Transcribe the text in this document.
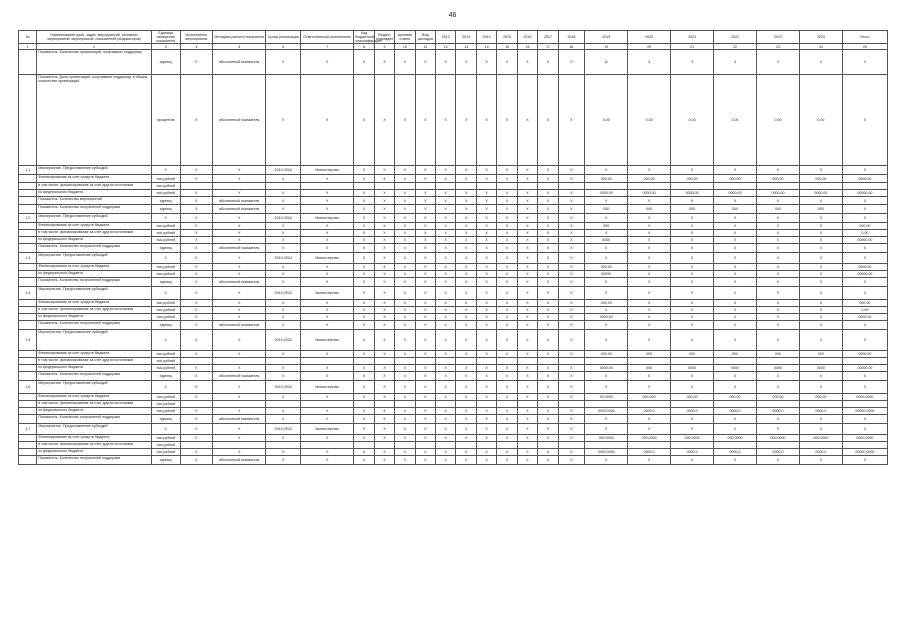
46
№	Наименование цели, задач, мероприятий, основных мероприятий, мероприятий, показателей (индикаторов)	Единица измерения показателя	Исполнитель мероприятия	Методика расчета показателя	Сроки реализации	Ответственный исполнитель	Код бюджетной классификации	Раздел, подраздел	Целевая статья	Вид расходов	2012	2013	2014	2015	2016	2017	2018	2019	2020	2021	2022	2023	2024	Итого
1	2	3	4	5	6	7	8	9	10	11	12	13	14	15	16	17	18	19	20	21	22	23	24	25
	Показатель. Количество организаций, получивших поддержку	единиц	Х	абсолютный показатель	Х	Х	Х	Х	Х	Х	Х	Х	Х	Х	Х	Х	Х	11	3	3	3	3	3	Х
	Показатель. Доля организаций, получивших поддержку, в общем количестве организаций	процентов	Х	абсолютный показатель	Х	Х	Х	Х	Х	Х	Х	Х	Х	Х	Х	Х	Х	0,00	0,00	0,00	0,00	0,00	0,00	Х
1.1	Мероприятие. Предоставление субсидий	Х	Х	Х	2019-2024	Министерство	Х	Х	Х	Х	Х	Х	Х	Х	Х	Х	Х	Х	Х	Х	Х	Х	Х	Х
	Финансирование за счет средств бюджета	тыс.рублей	Х	Х	Х	Х	Х	Х	Х	Х	Х	Х	Х	Х	Х	Х	Х	000,00	000,00	000,00	000,00	000,00	000,00	0000,00
	в том числе: финансирование за счет других источников	тыс.рублей																						
	из федерального бюджета	тыс.рублей	Х	Х	Х	Х	Х	Х	Х	Х	Х	Х	Х	Х	Х	Х	Х	0000,00	0000,00	0000,00	0000,00	0000,00	0000,00	00000,00
	Показатель. Количество мероприятий	единиц	Х	абсолютный показатель	Х	Х	Х	Х	Х	Х	Х	Х	Х	Х	Х	Х	Х	Х	Х	Х	Х	Х	Х	Х
	Показатель. Количество получателей поддержки	единиц	Х	абсолютный показатель	Х	Х	Х	Х	Х	Х	Х	Х	Х	Х	Х	Х	Х	000	000	000	000	000	000	Х
1.2	Мероприятие. Предоставление субсидий	Х	Х	Х	2019-2024	Министерство	Х	Х	Х	Х	Х	Х	Х	Х	Х	Х	Х	Х	Х	Х	Х	Х	Х	Х
	Финансирование за счет средств бюджета	тыс.рублей	Х	Х	Х	Х	Х	Х	Х	Х	Х	Х	Х	Х	Х	Х	Х	000	Х	Х	Х	Х	Х	000,00
	в том числе: финансирование за счет других источников	тыс.рублей	Х	Х	Х	Х	Х	Х	Х	Х	Х	Х	Х	Х	Х	Х	Х	0	Х	Х	Х	Х	Х	0,00
	из федерального бюджета	тыс.рублей	Х	Х	Х	Х	Х	Х	Х	Х	Х	Х	Х	Х	Х	Х	Х	0000	Х	Х	Х	Х	Х	00000,00
	Показатель. Количество получателей поддержки	единиц	Х	абсолютный показатель	Х	Х	Х	Х	Х	Х	Х	Х	Х	Х	Х	Х	Х	0	Х	Х	Х	Х	Х	Х
1.3	Мероприятие. Предоставление субсидий	Х	Х	Х	2019-2024	Министерство	Х	Х	Х	Х	Х	Х	Х	Х	Х	Х	Х	Х	Х	Х	Х	Х	Х	Х
	Финансирование за счет средств бюджета	тыс.рублей	Х	Х	Х	Х	Х	Х	Х	Х	Х	Х	Х	Х	Х	Х	Х	000,00	Х	Х	Х	Х	Х	0000,00
	из федерального бюджета	тыс.рублей	Х	Х	Х	Х	Х	Х	Х	Х	Х	Х	Х	Х	Х	Х	Х	00000	Х	Х	Х	Х	Х	00000,00
	Показатель. Количество получателей поддержки	единиц	Х	абсолютный показатель	Х	Х	Х	Х	Х	Х	Х	Х	Х	Х	Х	Х	Х	0	Х	Х	Х	Х	Х	Х
1.4	Мероприятие. Предоставление субсидий	Х	Х	Х	2019-2024	Министерство	Х	Х	Х	Х	Х	Х	Х	Х	Х	Х	Х	Х	Х	Х	Х	Х	Х	Х
	Финансирование за счет средств бюджета	тыс.рублей	Х	Х	Х	Х	Х	Х	Х	Х	Х	Х	Х	Х	Х	Х	Х	000,00	Х	Х	Х	Х	Х	000,00
	в том числе: финансирование за счет других источников	тыс.рублей	Х	Х	Х	Х	Х	Х	Х	Х	Х	Х	Х	Х	Х	Х	Х	0	Х	Х	Х	Х	Х	0,00
	из федерального бюджета	тыс.рублей	Х	Х	Х	Х	Х	Х	Х	Х	Х	Х	Х	Х	Х	Х	Х	0000,00	Х	Х	Х	Х	Х	0000,00
	Показатель. Количество получателей поддержки	единиц	Х	абсолютный показатель	Х	Х	Х	Х	Х	Х	Х	Х	Х	Х	Х	Х	Х	0	Х	Х	Х	Х	Х	Х
1.5	Мероприятие. Предоставление субсидий	Х	Х	Х	2019-2024	Министерство	Х	Х	Х	Х	Х	Х	Х	Х	Х	Х	Х	Х	Х	Х	Х	Х	Х	Х
	Финансирование за счет средств бюджета	тыс.рублей	Х	Х	Х	Х	Х	Х	Х	Х	Х	Х	Х	Х	Х	Х	Х	000,00	000	000	000	000	000	0000,00
	в том числе: финансирование за счет других источников	тыс.рублей																						
	из федерального бюджета	тыс.рублей	Х	Х	Х	Х	Х	Х	Х	Х	Х	Х	Х	Х	Х	Х	Х	0000,00	000	0000	0000	0000	0000	00000,00
	Показатель. Количество получателей поддержки	единиц	Х	абсолютный показатель	Х	Х	Х	Х	Х	Х	Х	Х	Х	Х	Х	Х	Х	0	0	0	0	0	0	Х
1.6	Мероприятие. Предоставление субсидий	Х	Х	Х	2019-2024	Министерство	Х	Х	Х	Х	Х	Х	Х	Х	Х	Х	Х	Х	Х	Х	Х	Х	Х	Х
	Финансирование за счет средств бюджета	тыс.рублей	Х	Х	Х	Х	Х	Х	Х	Х	Х	Х	Х	Х	Х	Х	Х	00,0000	000,000	000,00	000,00	000,00	000,00	0000,0000
	в том числе: финансирование за счет других источников	тыс.рублей																						
	из федерального бюджета	тыс.рублей	Х	Х	Х	Х	Х	Х	Х	Х	Х	Х	Х	Х	Х	Х	Х	0000,0000	0000,0	0000,0	0000,0	0000,0	0000,0	00000,0000
	Показатель. Количество получателей поддержки	единиц	Х	абсолютный показатель	Х	Х	Х	Х	Х	Х	Х	Х	Х	Х	Х	Х	Х	0	0	0	0	0	0	Х
1.7	Мероприятие. Предоставление субсидий	Х	Х	Х	2019-2024	Министерство	Х	Х	Х	Х	Х	Х	Х	Х	Х	Х	Х	Х	Х	Х	Х	Х	Х	Х
	Финансирование за счет средств бюджета	тыс.рублей	Х	Х	Х	Х	Х	Х	Х	Х	Х	Х	Х	Х	Х	Х	Х	000,0000	000,0000	000,0000	000,0000	000,0000	000,0000	0000,0000
	в том числе: финансирование за счет других источников	тыс.рублей																						
	из федерального бюджета	тыс.рублей	Х	Х	Х	Х	Х	Х	Х	Х	Х	Х	Х	Х	Х	Х	Х	0000,0000	0000,0	0000,0	0000,0	0000,0	0000,0	00000,0000
	Показатель. Количество получателей поддержки	единиц	Х	абсолютный показатель	Х	Х	Х	Х	Х	Х	Х	Х	Х	Х	Х	Х	Х	0	0	0	0	0	0	Х
